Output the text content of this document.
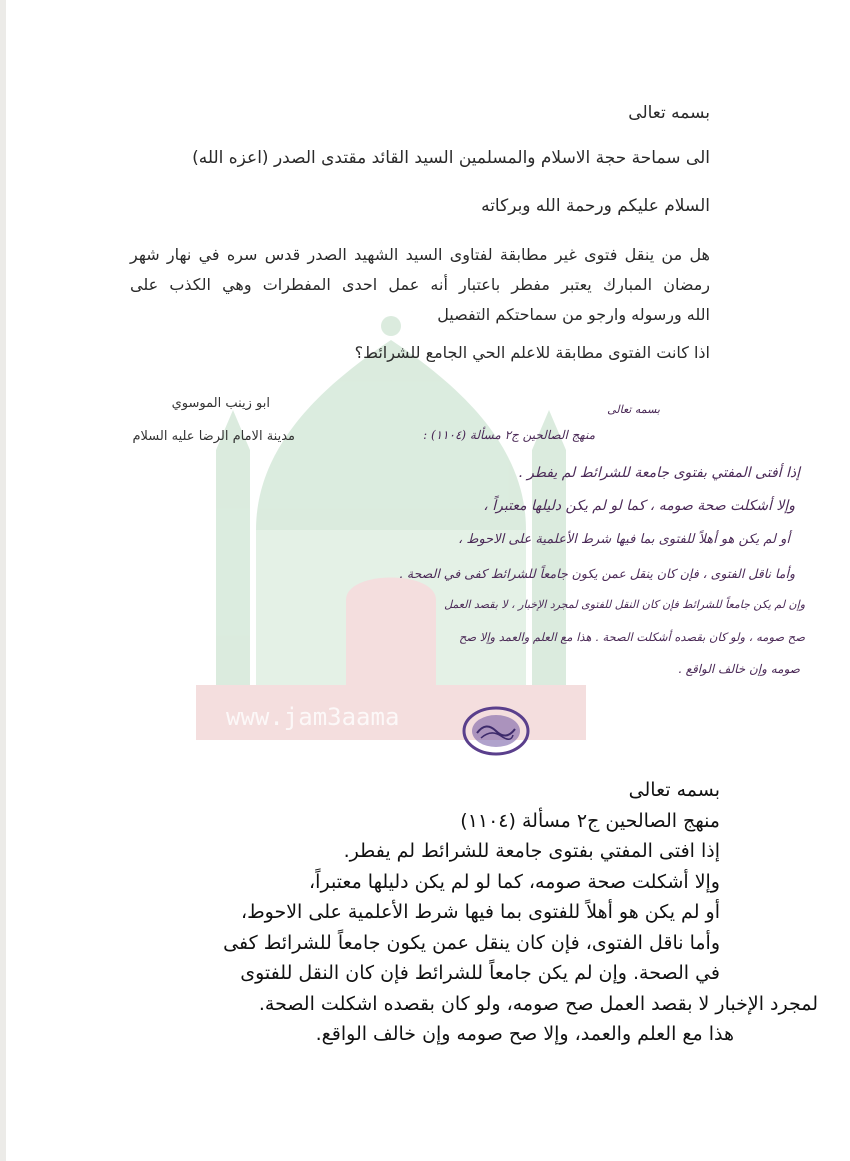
www.jam3aama
بسمه تعالى
الى سماحة حجة الاسلام والمسلمين السيد القائد مقتدى الصدر (اعزه الله)
السلام عليكم ورحمة الله وبركاته
هل من ينقل فتوى غير مطابقة لفتاوى السيد الشهيد الصدر قدس سره في نهار شهر
رمضان المبارك يعتبر مفطر باعتبار أنه عمل احدى المفطرات وهي الكذب على
الله ورسوله وارجو من سماحتكم التفصيل
اذا كانت الفتوى مطابقة للاعلم الحي الجامع للشرائط؟
ابو زينب الموسوي
مدينة الامام الرضا عليه السلام
بسمه تعالى
منهج الصالحين ج٢ مسألة (١١٠٤) :
إذا أفتى المفتي بفتوى جامعة للشرائط لم يفطر .
وإلا أشكلت صحة صومه ، كما لو لم يكن دليلها معتبراً ،
أو لم يكن هو أهلاً للفتوى بما فيها شرط الأعلمية على الاحوط ،
وأما ناقل الفتوى ، فإن كان ينقل عمن يكون جامعاً للشرائط كفى في الصحة .
وإن لم يكن جامعاً للشرائط فإن كان النقل للفتوى لمجرد الإخبار ، لا بقصد العمل
صح صومه ، ولو كان بقصده أشكلت الصحة . هذا مع العلم والعمد وإلا صح
صومه وإن خالف الواقع .
بسمه تعالى
منهج الصالحين ج٢ مسألة (١١٠٤)
إذا افتى المفتي بفتوى جامعة للشرائط لم يفطر.
وإلا أشكلت صحة صومه، كما لو لم يكن دليلها معتبراً،
أو لم يكن هو أهلاً للفتوى بما فيها شرط الأعلمية على الاحوط،
وأما ناقل الفتوى، فإن كان ينقل عمن يكون جامعاً للشرائط كفى
في الصحة. وإن لم يكن جامعاً للشرائط فإن كان النقل للفتوى
لمجرد الإخبار لا بقصد العمل صح صومه، ولو كان بقصده اشكلت الصحة.
هذا مع العلم والعمد، وإلا صح صومه وإن خالف الواقع.
